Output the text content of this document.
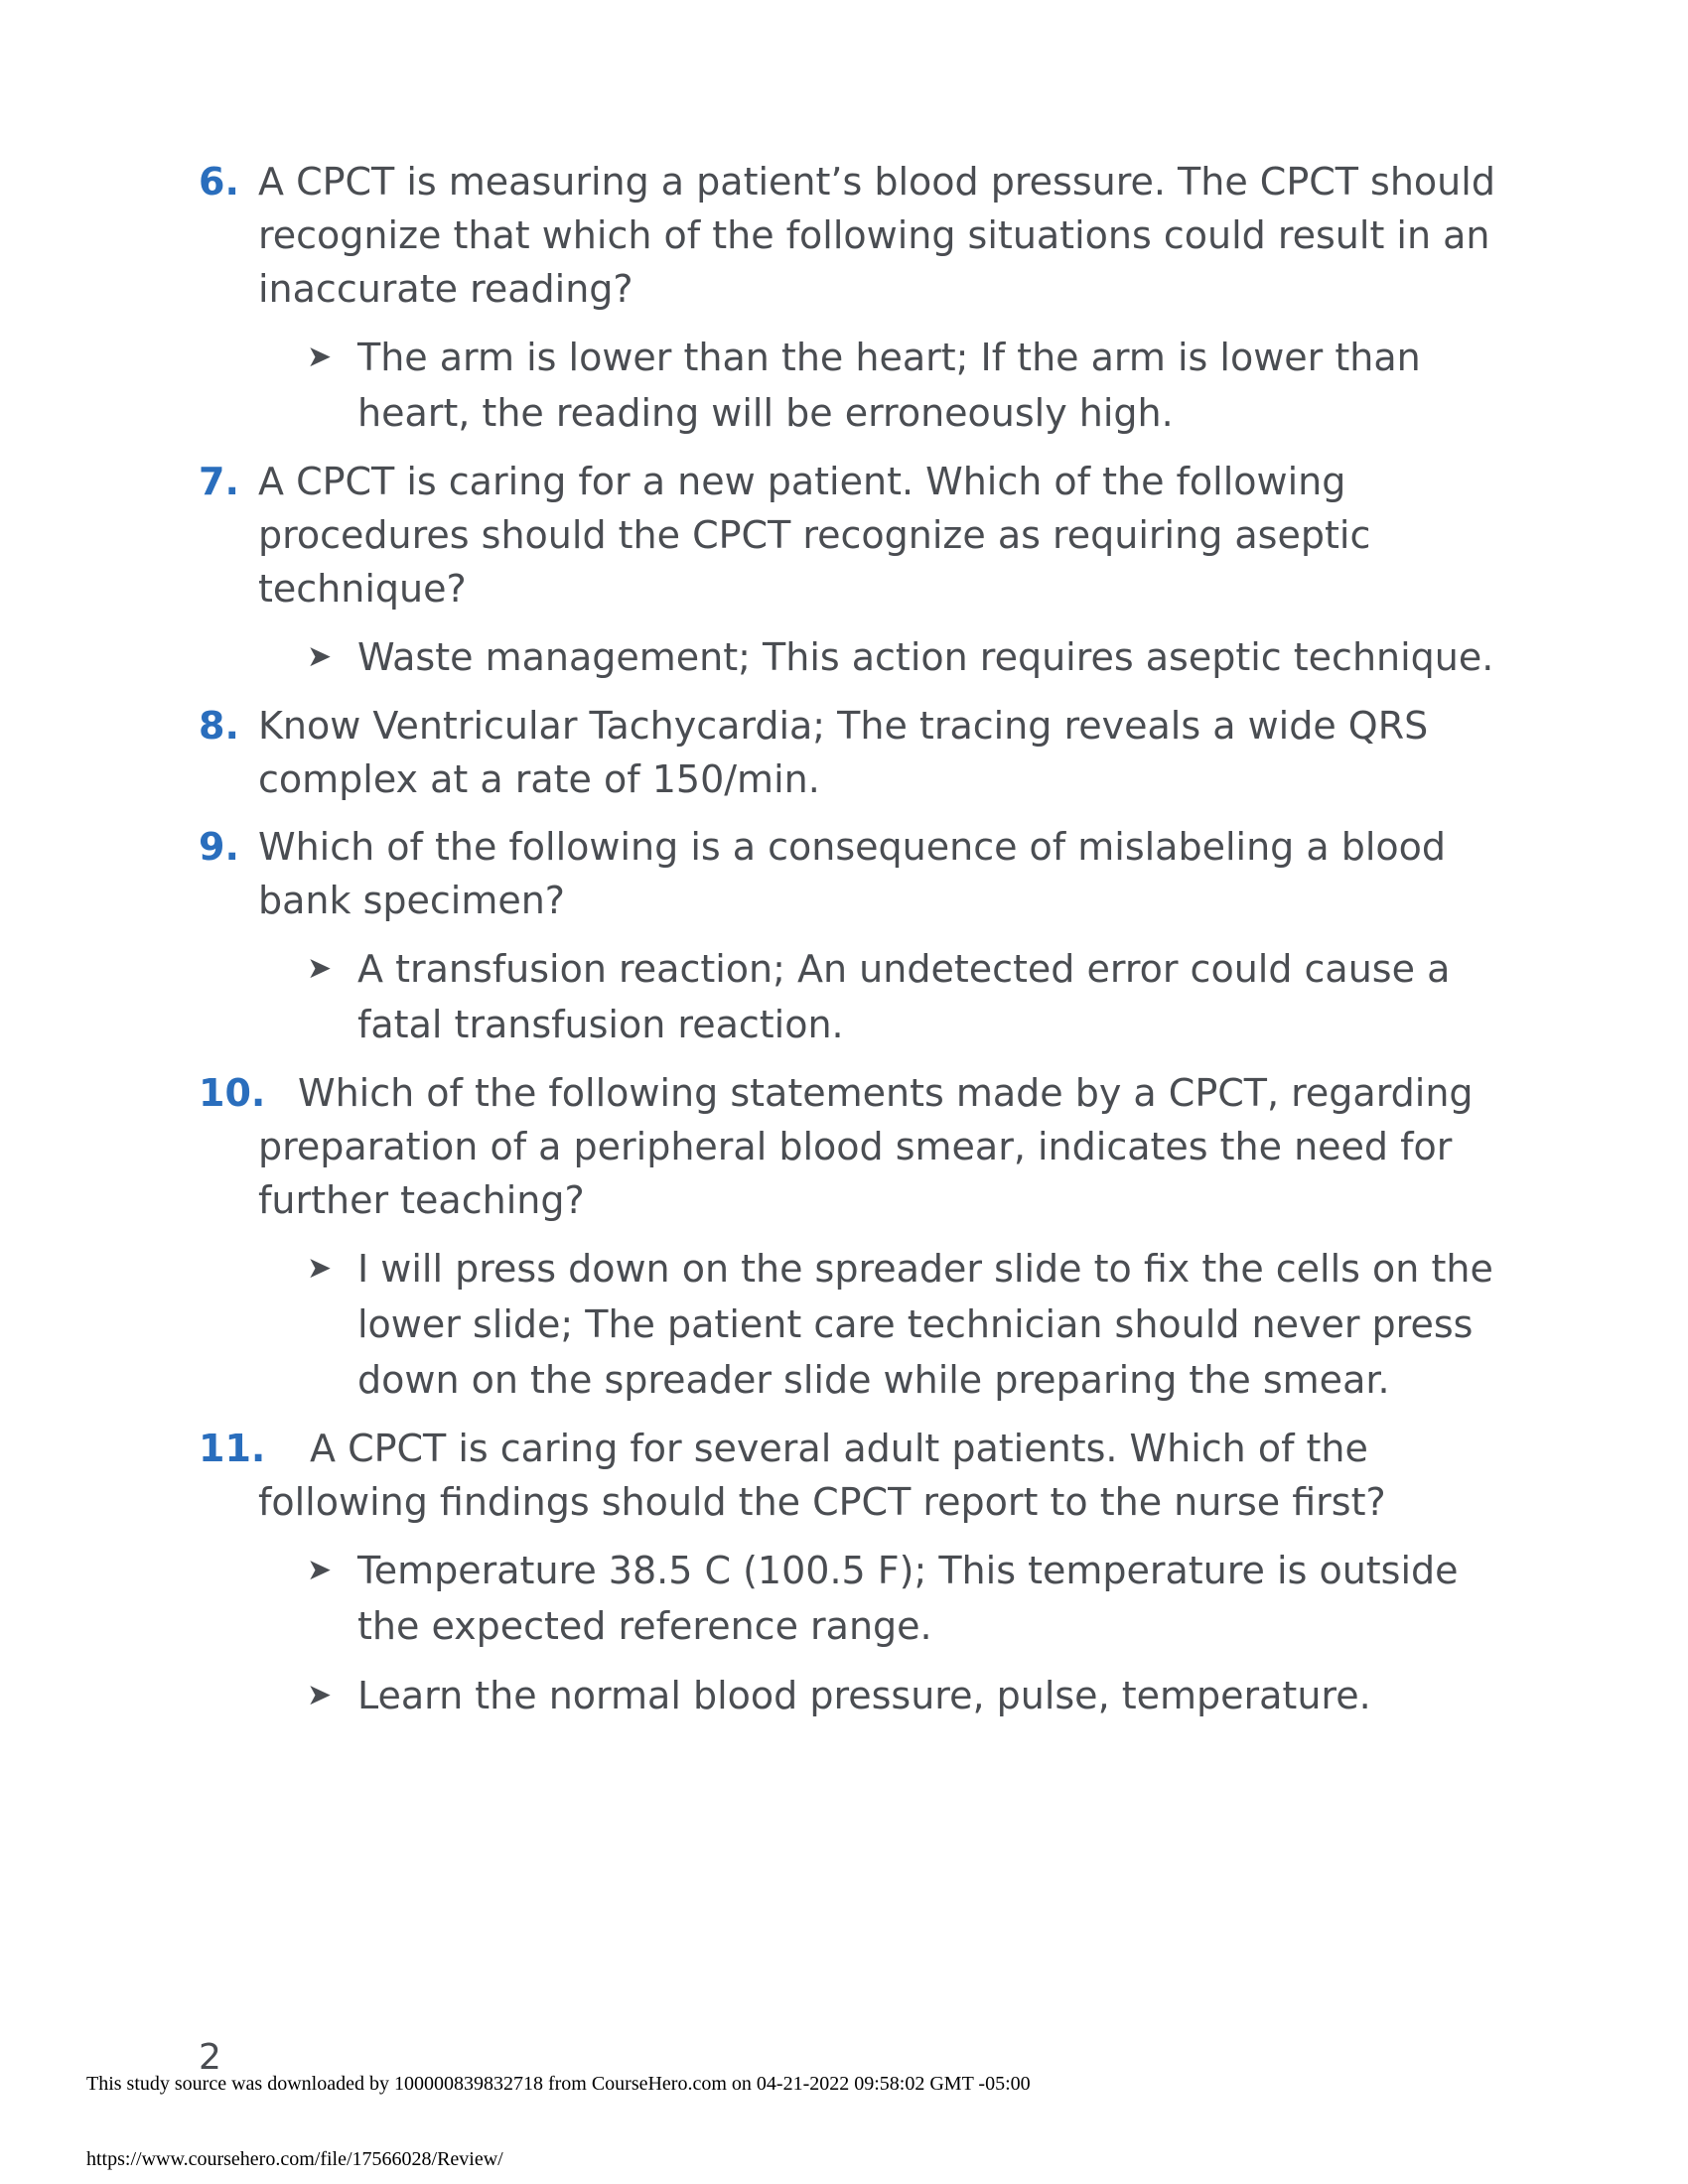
6. A CPCT is measuring a patient’s blood pressure. The CPCT should recognize that which of the following situations could result in an inaccurate reading?
➤ The arm is lower than the heart; If the arm is lower than heart, the reading will be erroneously high.
7. A CPCT is caring for a new patient. Which of the following procedures should the CPCT recognize as requiring aseptic technique?
➤ Waste management; This action requires aseptic technique.
8. Know Ventricular Tachycardia; The tracing reveals a wide QRS complex at a rate of 150/min.
9. Which of the following is a consequence of mislabeling a blood bank specimen?
➤ A transfusion reaction; An undetected error could cause a fatal transfusion reaction.
10. Which of the following statements made by a CPCT, regarding preparation of a peripheral blood smear, indicates the need for further teaching?
➤ I will press down on the spreader slide to fix the cells on the lower slide; The patient care technician should never press down on the spreader slide while preparing the smear.
11.	A CPCT is caring for several adult patients. Which of the following findings should the CPCT report to the nurse first?
➤ Temperature 38.5 C (100.5 F); This temperature is outside the expected reference range.
➤ Learn the normal blood pressure, pulse, temperature.
2
This study source was downloaded by 100000839832718 from CourseHero.com on 04-21-2022 09:58:02 GMT -05:00
https://www.coursehero.com/file/17566028/Review/
